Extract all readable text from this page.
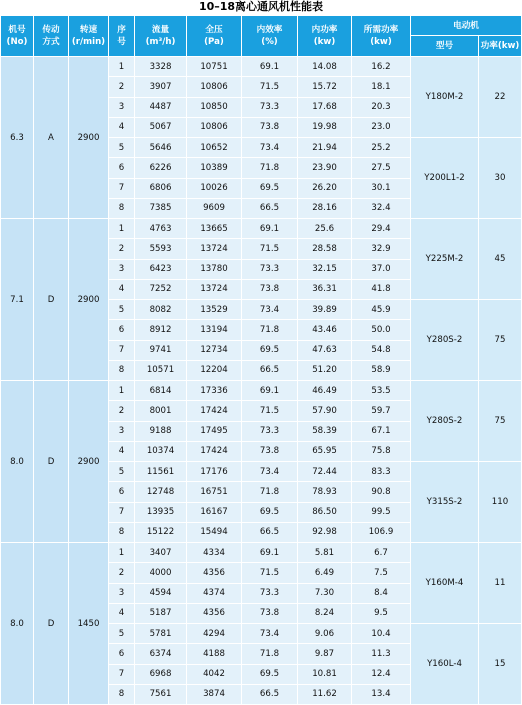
10–18离心通风机性能表
机号
(No)	传动
方式	转速
(r/min)	序
号	流量
(m³/h)	全压
(Pa)	内效率
(%)	内功率
(kw)	所需功率
(kw)	电动机	
									型号	功率(kw)
6.3	A	2900	1	3328	10751	69.1	14.08	16.2	Y180M-2	22
			2	3907	10806	71.5	15.72	18.1		
			3	4487	10850	73.3	17.68	20.3		
			4	5067	10806	73.8	19.98	23.0		
			5	5646	10652	73.4	21.94	25.2	Y200L1-2	30
			6	6226	10389	71.8	23.90	27.5		
			7	6806	10026	69.5	26.20	30.1		
			8	7385	9609	66.5	28.16	32.4		
7.1	D	2900	1	4763	13665	69.1	25.6	29.4	Y225M-2	45
			2	5593	13724	71.5	28.58	32.9		
			3	6423	13780	73.3	32.15	37.0		
			4	7252	13724	73.8	36.31	41.8		
			5	8082	13529	73.4	39.89	45.9	Y280S-2	75
			6	8912	13194	71.8	43.46	50.0		
			7	9741	12734	69.5	47.63	54.8		
			8	10571	12204	66.5	51.20	58.9		
8.0	D	2900	1	6814	17336	69.1	46.49	53.5	Y280S-2	75
			2	8001	17424	71.5	57.90	59.7		
			3	9188	17495	73.3	58.39	67.1		
			4	10374	17424	73.8	65.95	75.8		
			5	11561	17176	73.4	72.44	83.3	Y315S-2	110
			6	12748	16751	71.8	78.93	90.8		
			7	13935	16167	69.5	86.50	99.5		
			8	15122	15494	66.5	92.98	106.9		
8.0	D	1450	1	3407	4334	69.1	5.81	6.7	Y160M-4	11
			2	4000	4356	71.5	6.49	7.5		
			3	4594	4374	73.3	7.30	8.4		
			4	5187	4356	73.8	8.24	9.5		
			5	5781	4294	73.4	9.06	10.4	Y160L-4	15
			6	6374	4188	71.8	9.87	11.3		
			7	6968	4042	69.5	10.81	12.4		
			8	7561	3874	66.5	11.62	13.4		
